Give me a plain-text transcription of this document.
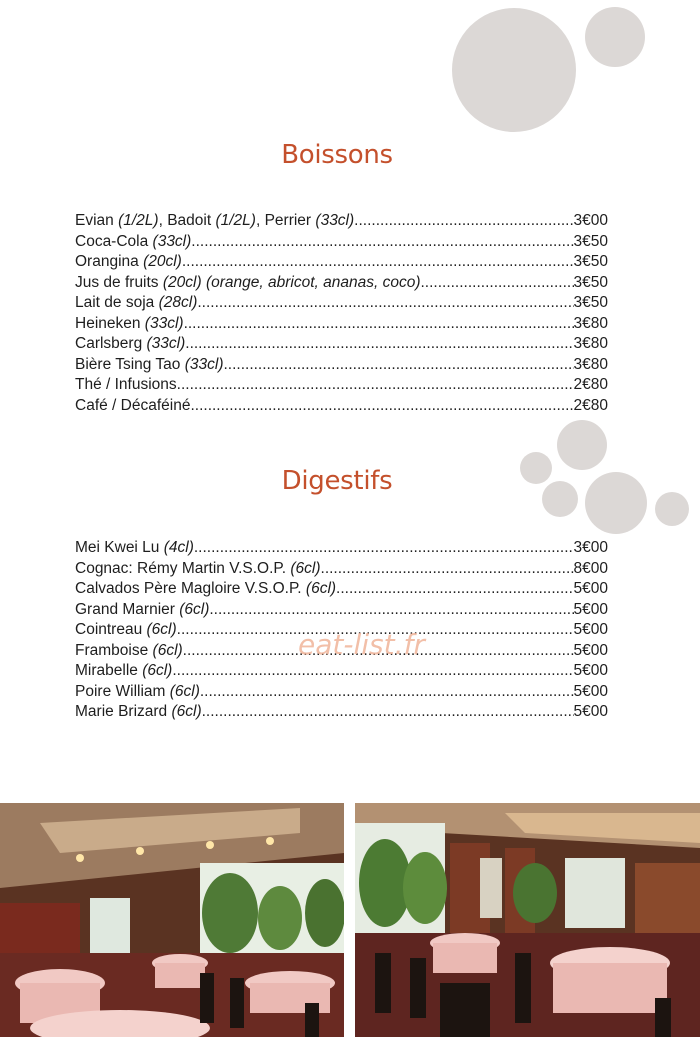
Boissons
Evian (1/2L), Badoit (1/2L), Perrier (33cl) .....	3€00
Coca-Cola (33cl) .....	3€50
Orangina (20cl) .....	3€50
Jus de fruits (20cl) (orange, abricot, ananas, coco) .....	3€50
Lait de soja (28cl) .....	3€50
Heineken (33cl) .....	3€80
Carlsberg (33cl) .....	3€80
Bière Tsing Tao (33cl) .....	3€80
Thé / Infusions .....	2€80
Café / Décaféiné .....	2€80
Digestifs
Mei Kwei Lu (4cl) .....	3€00
Cognac: Rémy Martin V.S.O.P. (6cl) .....	8€00
Calvados Père Magloire V.S.O.P. (6cl) .....	5€00
Grand Marnier (6cl) .....	5€00
Cointreau (6cl) .....	5€00
Framboise (6cl) .....	5€00
Mirabelle (6cl) .....	5€00
Poire William (6cl) .....	5€00
Marie Brizard (6cl) .....	5€00
eat-list.fr
